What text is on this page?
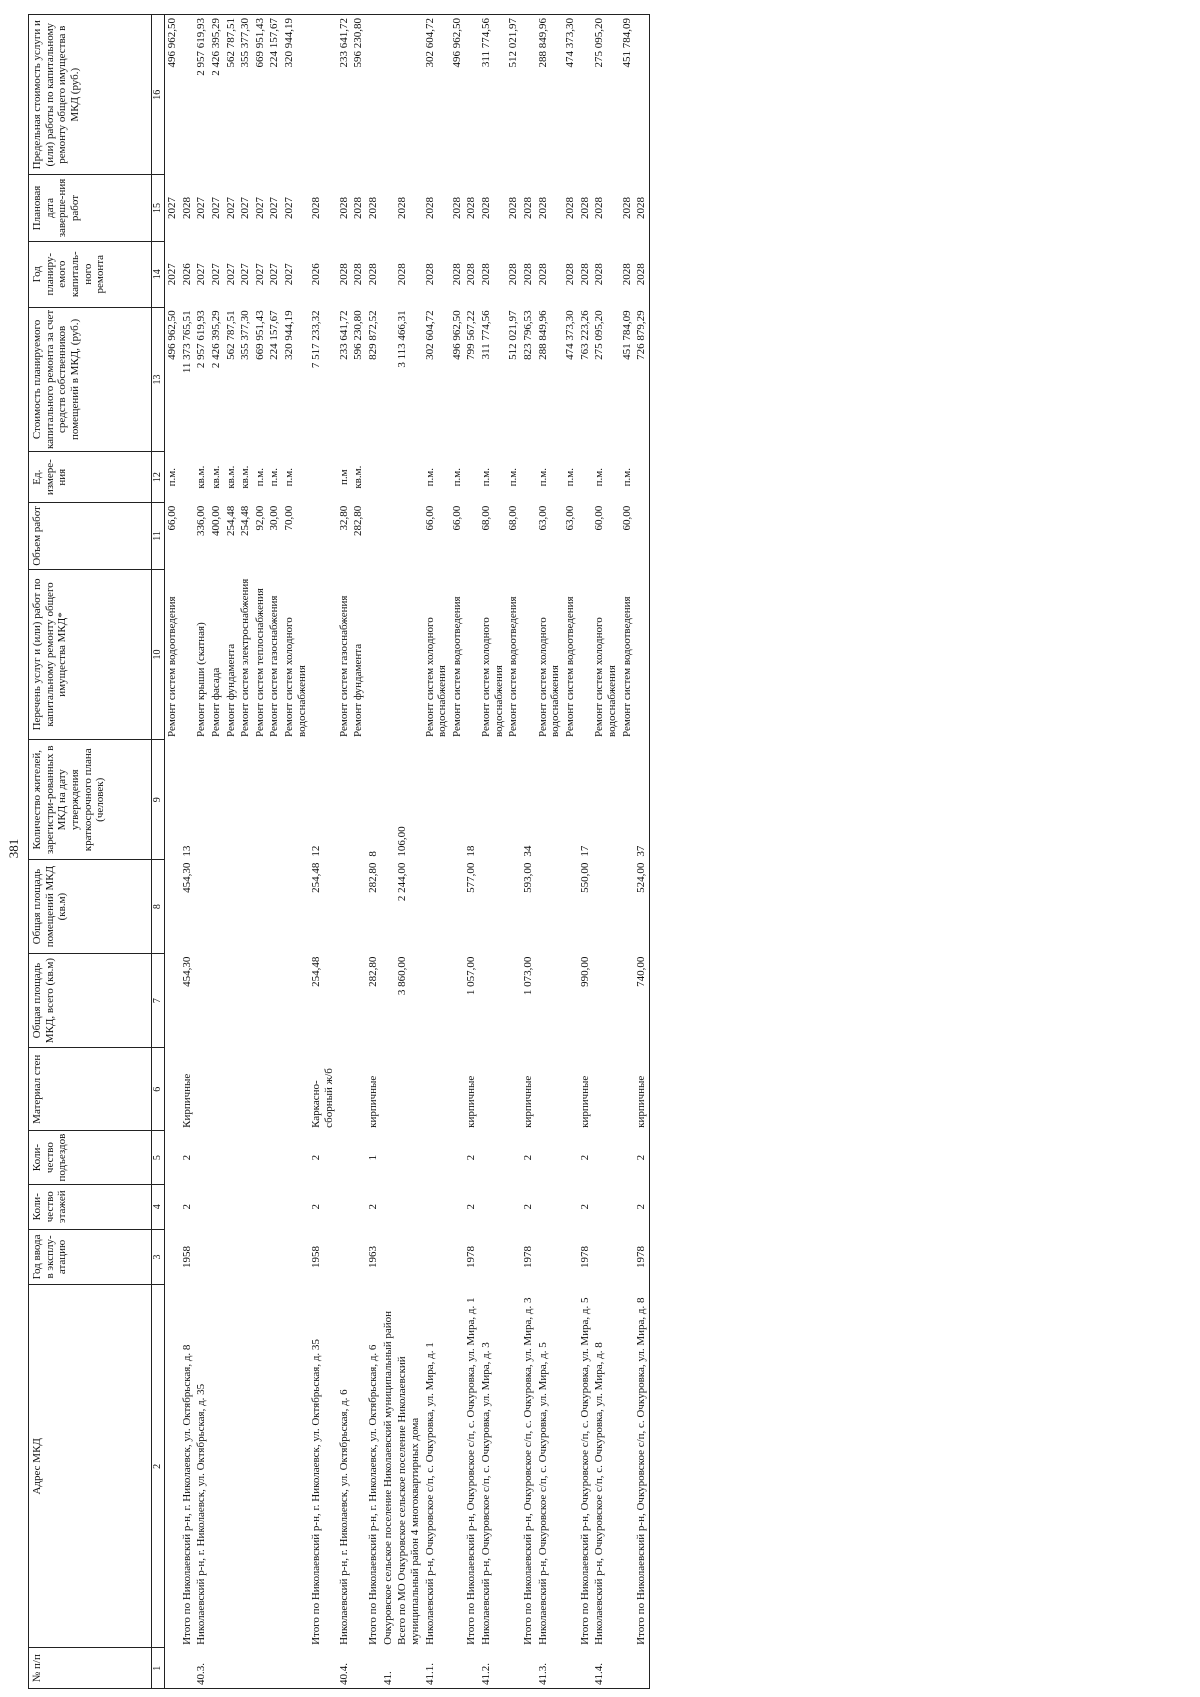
381
№ п/п	Адрес МКД	Год ввода в эксплу-атацию	Коли-чество этажей	Коли-чество подъездов	Материал стен	Общая площадь МКД, всего (кв.м)	Общая площадь помещений МКД (кв.м)	Количество жителей, зарегистри-рованных в МКД на дату утверждения краткосрочного плана (человек)	Перечень услуг и (или) работ по капитальному ремонту общего имущества МКД*	Объем работ	Ед. измере-ния	Стоимость планируемого капитального ремонта за счет средств собственников помещений в МКД, (руб.)	Год планиру-емого капиталь-ного ремонта	Плановая дата заверше-ния работ	Предельная стоимость услуги и (или) работы по капитальному ремонту общего имущества в МКД (руб.)
1	2	3	4	5	6	7	8	9	10	11	12	13	14	15	16
									Ремонт систем водоотведения	66,00	п.м.	496 962,50	2027	2027	496 962,50
	Итого по Николаевский р-н, г. Николаевск, ул. Октябрьская, д. 8	1958	2	2	Кирпичные	454,30	454,30	13				11 373 765,51	2026	2028	
40.3.	Николаевский р-н, г. Николаевск, ул. Октябрьская, д. 35								Ремонт крыши (скатная)	336,00	кв.м.	2 957 619,93	2027	2027	2 957 619,93
									Ремонт фасада	400,00	кв.м.	2 426 395,29	2027	2027	2 426 395,29
									Ремонт фундамента	254,48	кв.м.	562 787,51	2027	2027	562 787,51
									Ремонт систем электроснабжения	254,48	кв.м.	355 377,30	2027	2027	355 377,30
									Ремонт систем теплоснабжения	92,00	п.м.	669 951,43	2027	2027	669 951,43
									Ремонт систем газоснабжения	30,00	п.м.	224 157,67	2027	2027	224 157,67
									Ремонт систем холодного водоснабжения	70,00	п.м.	320 944,19	2027	2027	320 944,19
	Итого по Николаевский р-н, г. Николаевск, ул. Октябрьская, д. 35	1958	2	2	Каркасно-сборный ж/б	254,48	254,48	12				7 517 233,32	2026	2028	
40.4.	Николаевский р-н, г. Николаевск, ул. Октябрьская, д. 6								Ремонт систем газоснабжения	32,80	п.м	233 641,72	2028	2028	233 641,72
									Ремонт фундамента	282,80	кв.м.	596 230,80	2028	2028	596 230,80
	Итого по Николаевский р-н, г. Николаевск, ул. Октябрьская, д. 6	1963	2	1	кирпичные	282,80	282,80	8				829 872,52	2028	2028	
41.	Очкуровское сельское поселение Николаевский муниципальный район														
	Всего по МО Очкуровское сельское поселение Николаевский муниципальный район 4 многоквартирных дома					3 860,00	2 244,00	106,00				3 113 466,31	2028	2028	
41.1.	Николаевский р-н, Очкуровское с/п, с. Очкуровка, ул. Мира, д. 1								Ремонт систем холодного водоснабжения	66,00	п.м.	302 604,72	2028	2028	302 604,72
									Ремонт систем водоотведения	66,00	п.м.	496 962,50	2028	2028	496 962,50
	Итого по Николаевский р-н, Очкуровское с/п, с. Очкуровка, ул. Мира, д. 1	1978	2	2	кирпичные	1 057,00	577,00	18				799 567,22	2028	2028	
41.2.	Николаевский р-н, Очкуровское с/п, с. Очкуровка, ул. Мира, д. 3								Ремонт систем холодного водоснабжения	68,00	п.м.	311 774,56	2028	2028	311 774,56
									Ремонт систем водоотведения	68,00	п.м.	512 021,97	2028	2028	512 021,97
	Итого по Николаевский р-н, Очкуровское с/п, с. Очкуровка, ул. Мира, д. 3	1978	2	2	кирпичные	1 073,00	593,00	34				823 796,53	2028	2028	
41.3.	Николаевский р-н, Очкуровское с/п, с. Очкуровка, ул. Мира, д. 5								Ремонт систем холодного водоснабжения	63,00	п.м.	288 849,96	2028	2028	288 849,96
									Ремонт систем водоотведения	63,00	п.м.	474 373,30	2028	2028	474 373,30
	Итого по Николаевский р-н, Очкуровское с/п, с. Очкуровка, ул. Мира, д. 5	1978	2	2	кирпичные	990,00	550,00	17				763 223,26	2028	2028	
41.4.	Николаевский р-н, Очкуровское с/п, с. Очкуровка, ул. Мира, д. 8								Ремонт систем холодного водоснабжения	60,00	п.м.	275 095,20	2028	2028	275 095,20
									Ремонт систем водоотведения	60,00	п.м.	451 784,09	2028	2028	451 784,09
	Итого по Николаевский р-н, Очкуровское с/п, с. Очкуровка, ул. Мира, д. 8	1978	2	2	кирпичные	740,00	524,00	37				726 879,29	2028	2028	
